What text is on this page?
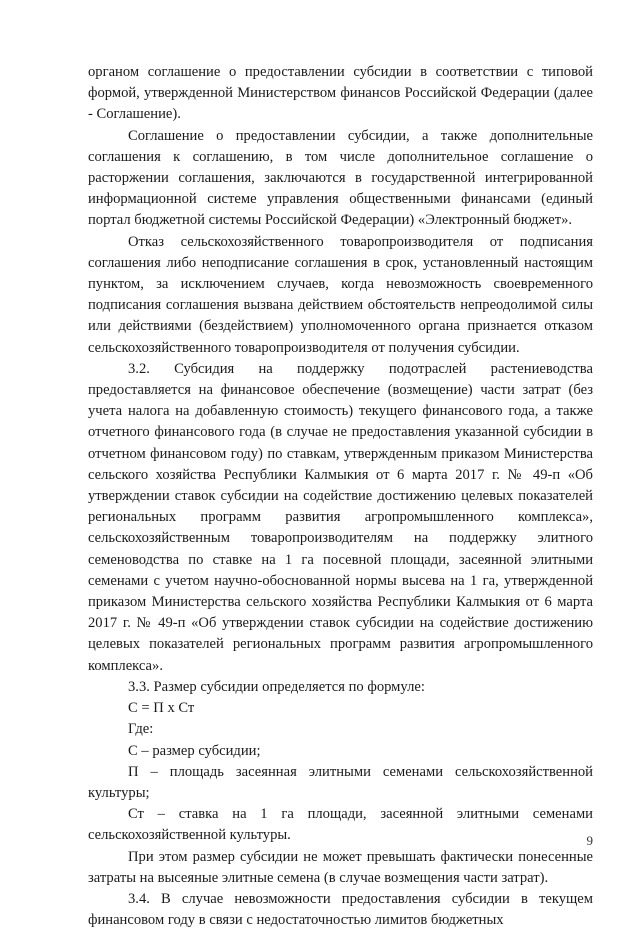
органом соглашение о предоставлении субсидии в соответствии с типовой формой, утвержденной Министерством финансов Российской Федерации (далее - Соглашение).

Соглашение о предоставлении субсидии, а также дополнительные соглашения к соглашению, в том числе дополнительное соглашение о расторжении соглашения, заключаются в государственной интегрированной информационной системе управления общественными финансами (единый портал бюджетной системы Российской Федерации) «Электронный бюджет».

Отказ сельскохозяйственного товаропроизводителя от подписания соглашения либо неподписание соглашения в срок, установленный настоящим пунктом, за исключением случаев, когда невозможность своевременного подписания соглашения вызвана действием обстоятельств непреодолимой силы или действиями (бездействием) уполномоченного органа признается отказом сельскохозяйственного товаропроизводителя от получения субсидии.

3.2. Субсидия на поддержку подотраслей растениеводства предоставляется на финансовое обеспечение (возмещение) части затрат (без учета налога на добавленную стоимость) текущего финансового года, а также отчетного финансового года (в случае не предоставления указанной субсидии в отчетном финансовом году) по ставкам, утвержденным приказом Министерства сельского хозяйства Республики Калмыкия от 6 марта 2017 г. № 49-п «Об утверждении ставок субсидии на содействие достижению целевых показателей региональных программ развития агропромышленного комплекса», сельскохозяйственным товаропроизводителям на поддержку элитного семеноводства по ставке на 1 га посевной площади, засеянной элитными семенами с учетом научно-обоснованной нормы высева на 1 га, утвержденной приказом Министерства сельского хозяйства Республики Калмыкия от 6 марта 2017 г. № 49-п «Об утверждении ставок субсидии на содействие достижению целевых показателей региональных программ развития агропромышленного комплекса».

3.3. Размер субсидии определяется по формуле:

С = П х Ст

Где:

С – размер субсидии;

П – площадь засеянная элитными семенами сельскохозяйственной культуры;

Ст – ставка на 1 га площади, засеянной элитными семенами сельскохозяйственной культуры.

При этом размер субсидии не может превышать фактически понесенные затраты на высеяные элитные семена (в случае возмещения части затрат).

3.4. В случае невозможности предоставления субсидии в текущем финансовом году в связи с недостаточностью лимитов бюджетных

9
